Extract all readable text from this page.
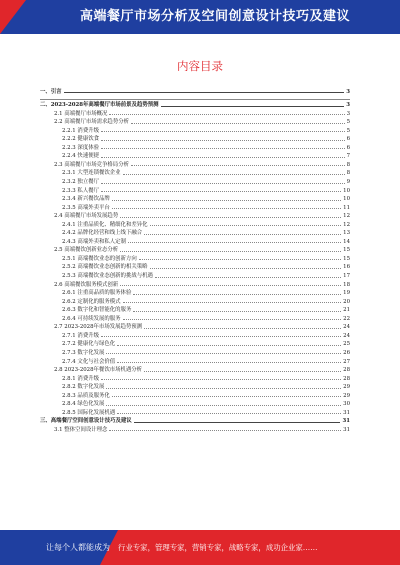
高端餐厅市场分析及空间创意设计技巧及建议
内容目录
一、引言	3
二、2023-2028年高端餐厅市场前景及趋势预测	3
2.1 高端餐厅市场概况	3
2.2 高端餐厅市场需求趋势分析	5
2.2.1 消费升级	5
2.2.2 健康饮食	6
2.2.3 深度体验	6
2.2.4 快速便捷	7
2.3 高端餐厅市场竞争格局分析	8
2.3.1 大型连锁餐饮企业	8
2.3.2 独立餐厅	9
2.3.3 私人餐厅	10
2.3.4 新兴餐饮品牌	10
2.3.5 高端外卖平台	11
2.4 高端餐厅市场发展趋势	12
2.4.1 注重品质化、精细化和差异化	12
2.4.2 品牌化经营和线上线下融合	13
2.4.3 高端外卖和私人定制	14
2.5 高端餐饮创新业态分析	15
2.5.1 高端餐饮业态的创新方向	15
2.5.2 高端餐饮业态创新的相关策略	16
2.5.3 高端餐饮业态创新的挑战与机遇	17
2.6 高端餐饮服务模式创新	18
2.6.1 注重高品质的服务体验	19
2.6.2 定制化的服务模式	20
2.6.3 数字化和智能化的服务	21
2.6.4 可持续发展的服务	22
2.7 2023-2028年市场发展趋势预测	24
2.7.1 消费升级	24
2.7.2 健康化与绿色化	25
2.7.3 数字化发展	26
2.7.4 文化与社会价值	27
2.8 2023-2028年餐饮市场机遇分析	28
2.8.1 消费升级	28
2.8.2 数字化发展	29
2.8.3 品质及服务化	29
2.8.4 绿色化发展	30
2.8.5 国际化发展机遇	31
三、高端餐厅空间创意设计技巧及建议	31
3.1 整体空间设计理念	31
让每个人都能成为 行业专家，管理专家，营销专家，战略专家，成功企业家……
